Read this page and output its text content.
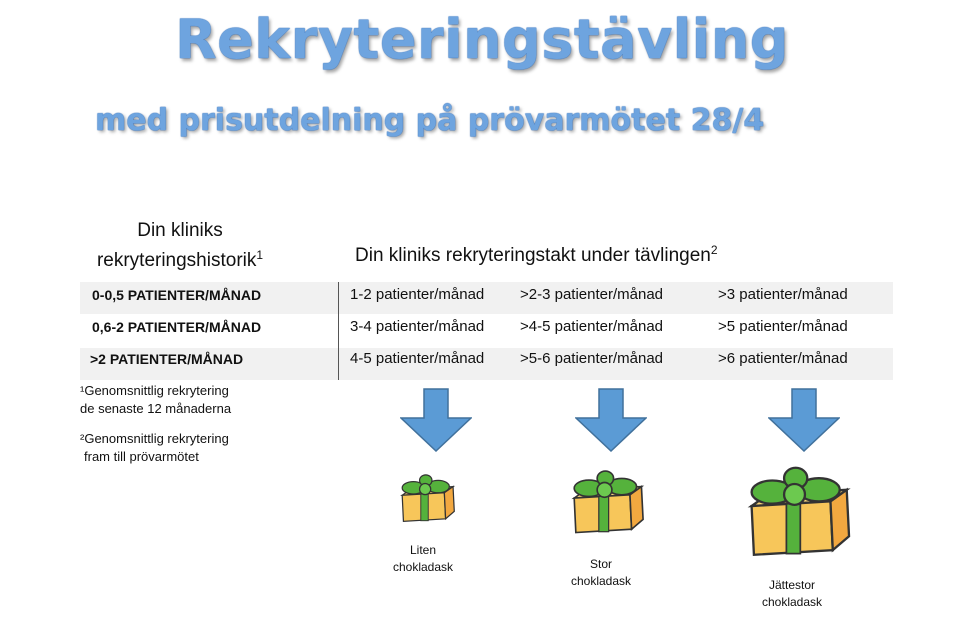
Rekryteringstävling
med prisutdelning på prövarmötet 28/4
Din kliniks
rekryteringshistorik$^1$	Din kliniks rekryteringstakt under tävlingen$^2$
0-0,5 PATIENTER/MÅNAD	1-2 patienter/månad >2-3 patienter/månad	>3 patienter/månad
0,6-2 PATIENTER/MÅNAD	3-4 patienter/månad >4-5 patienter/månad	>5 patienter/månad
>2 PATIENTER/MÅNAD	4-5 patienter/månad >5-6 patienter/månad	>6 patienter/månad
¹Genomsnittlig rekrytering
de senaste 12 månaderna
²Genomsnittlig rekrytering
fram till prövarmötet
Liten
chokladask	Stor
chokladask	Jättestor
chokladask
